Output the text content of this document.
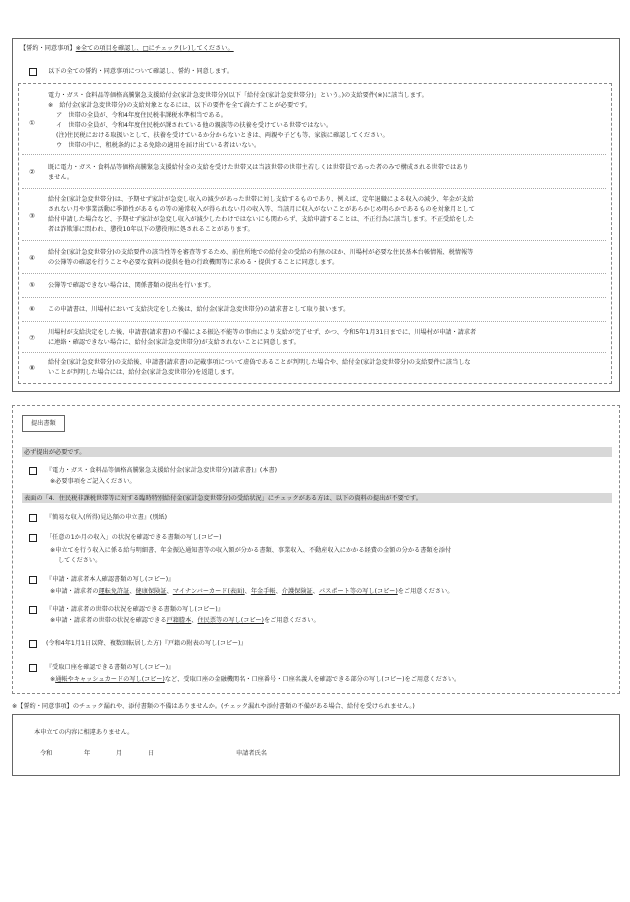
【誓約・同意事項】※全ての項目を確認し、□にチェック(レ)してください。
以下の全ての誓約・同意事項について確認し、誓約・同意します。
①
電力・ガス・食料品等価格高騰緊急支援給付金(家計急変世帯分)(以下「給付金(家計急変世帯分)」という。)の支給要件(※)に該当します。
※　給付金(家計急変世帯分)の支給対象となるには、以下の要件を全て満たすことが必要です。
ア　世帯の全員が、令和4年度住民税非課税水準相当である。
イ　世帯の全員が、令和4年度住民税が課されている他の親族等の扶養を受けている世帯ではない。
(注)住民税における取扱いとして、扶養を受けているか分からないときは、両親や子ども等、家族に確認してください。
ウ　世帯の中に、租税条約による免除の適用を届け出ている者はいない。
②
既に電力・ガス・食料品等価格高騰緊急支援給付金の支給を受けた世帯又は当該世帯の世帯主若しくは世帯員であった者のみで構成される世帯ではあり
ません。
③
給付金(家計急変世帯分)は、予期せず家計が急変し収入の減少があった世帯に対し支給するものであり、例えば、定年退職による収入の減少、年金が支給
されない月や事業活動に季節性があるもの等の通常収入が得られない月の収入等、当該月に収入がないことがあらかじめ明らかであるものを対象月として
給付申請した場合など、予期せず家計が急変し収入が減少したわけではないにも関わらず、支給申請することは、不正行為に該当します。不正受給をした
者は詐欺罪に問われ、懲役10年以下の懲役刑に処されることがあります。
④
給付金(家計急変世帯分)の支給要件の該当性等を審査等するため、前住所地での給付金の受給の有無のほか、川場村が必要な住民基本台帳情報、税情報等
の公簿等の確認を行うことや必要な資料の提供を他の行政機関等に求める・提供することに同意します。
⑤	公簿等で確認できない場合は、関係書類の提出を行います。
⑥	この申請書は、川場村において支給決定をした後は、給付金(家計急変世帯分)の請求書として取り扱います。
⑦
川場村が支給決定をした後、申請書(請求書)の不備による振込不能等の事由により支給が完了せず、かつ、令和5年1月31日までに、川場村が申請・請求者
に連絡・確認できない場合に、給付金(家計急変世帯分)が支給されないことに同意します。
⑧
給付金(家計急変世帯分)の支給後、申請書(請求書)の記載事項について虚偽であることが判明した場合や、給付金(家計急変世帯分)の支給要件に該当しな
いことが判明した場合には、給付金(家計急変世帯分)を返還します。
提出書類
必ず提出が必要です。
『電力・ガス・食料品等価格高騰緊急支援給付金(家計急変世帯分)(請求書)』(本書)
※必要事項をご記入ください。
表面の「4．住民税非課税世帯等に対する臨時特別給付金(家計急変世帯分)の受給状況」にチェックがある方は、以下の資料の提出が不要です。
『簡易な収入(所得)見込額の申立書』(別紙)
「任意の1か月の収入」の状況を確認できる書類の写し(コピー)
※申立てを行う収入に係る給与明細書、年金振込通知書等の収入額が分かる書類、事業収入、不動産収入にかかる経費の金額の分かる書類を添付
してください。
『申請・請求者本人確認書類の写し(コピー)』
※申請・請求者の運転免許証、健康保険証、マイナンバーカード(表面)、年金手帳、介護保険証、パスポート等の写し(コピー)をご用意ください。
『申請・請求者の世帯の状況を確認できる書類の写し(コピー)』
※申請・請求者の世帯の状況を確認できる戸籍謄本、住民票等の写し(コピー)をご用意ください。
(令和4年1月1日以降、複数回転居した方)『戸籍の附表の写し(コピー)』
『受取口座を確認できる書類の写し(コピー)』
※通帳やキャッシュカードの写し(コピー)など、受取口座の金融機関名・口座番号・口座名義人を確認できる部分の写し(コピー)をご用意ください。
※【誓約・同意事項】のチェック漏れや、添付書類の不備はありませんか。(チェック漏れや添付書類の不備がある場合、給付を受けられません。)
本申立ての内容に相違ありません。
令和	年	月	日	申請者氏名
